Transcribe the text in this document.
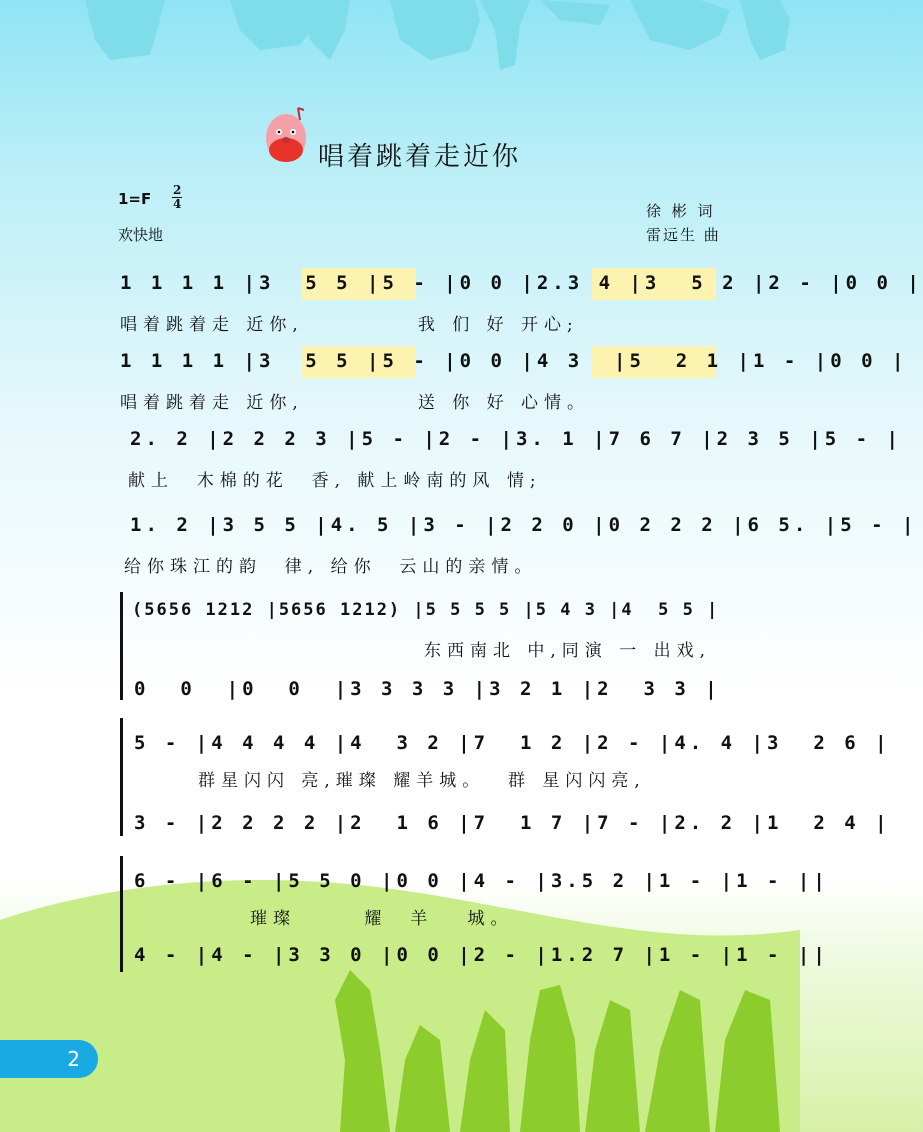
唱着跳着走近你
1=F 2
4
欢快地
徐 彬 词
雷远生 曲
1 1 1 1 |3  5 5 |5 - |0 0 |2.3 4 |3  5 2 |2 - |0 0 |
唱着跳着走 近你,          我 们 好 开心;
1 1 1 1 |3  5 5 |5 - |0 0 |4 3  |5  2 1 |1 - |0 0 |
唱着跳着走 近你,          送 你 好 心情。
2. 2 |2 2 2 3 |5 - |2 - |3. 1 |7 6 7 |2 3 5 |5 - |
献上  木棉的花  香, 献上岭南的风 情;
1. 2 |3 5 5 |4. 5 |3 - |2 2 0 |0 2 2 2 |6 5. |5 - |
给你珠江的韵  律, 给你  云山的亲情。
(5656 1212 |5656 1212) |5 5 5 5 |5 4 3 |4  5 5 |
东西南北 中,同演 一 出戏,
0  0  |0  0  |3 3 3 3 |3 2 1 |2  3 3 |
5 - |4 4 4 4 |4  3 2 |7  1 2 |2 - |4. 4 |3  2 6 |
群星闪闪 亮,璀璨 耀羊城。  群 星闪闪亮,
3 - |2 2 2 2 |2  1 6 |7  1 7 |7 - |2. 2 |1  2 4 |
6 - |6 - |5 5 0 |0 0 |4 - |3.5 2 |1 - |1 - ||
璀璨      耀  羊   城。
4 - |4 - |3 3 0 |0 0 |2 - |1.2 7 |1 - |1 - ||
2
